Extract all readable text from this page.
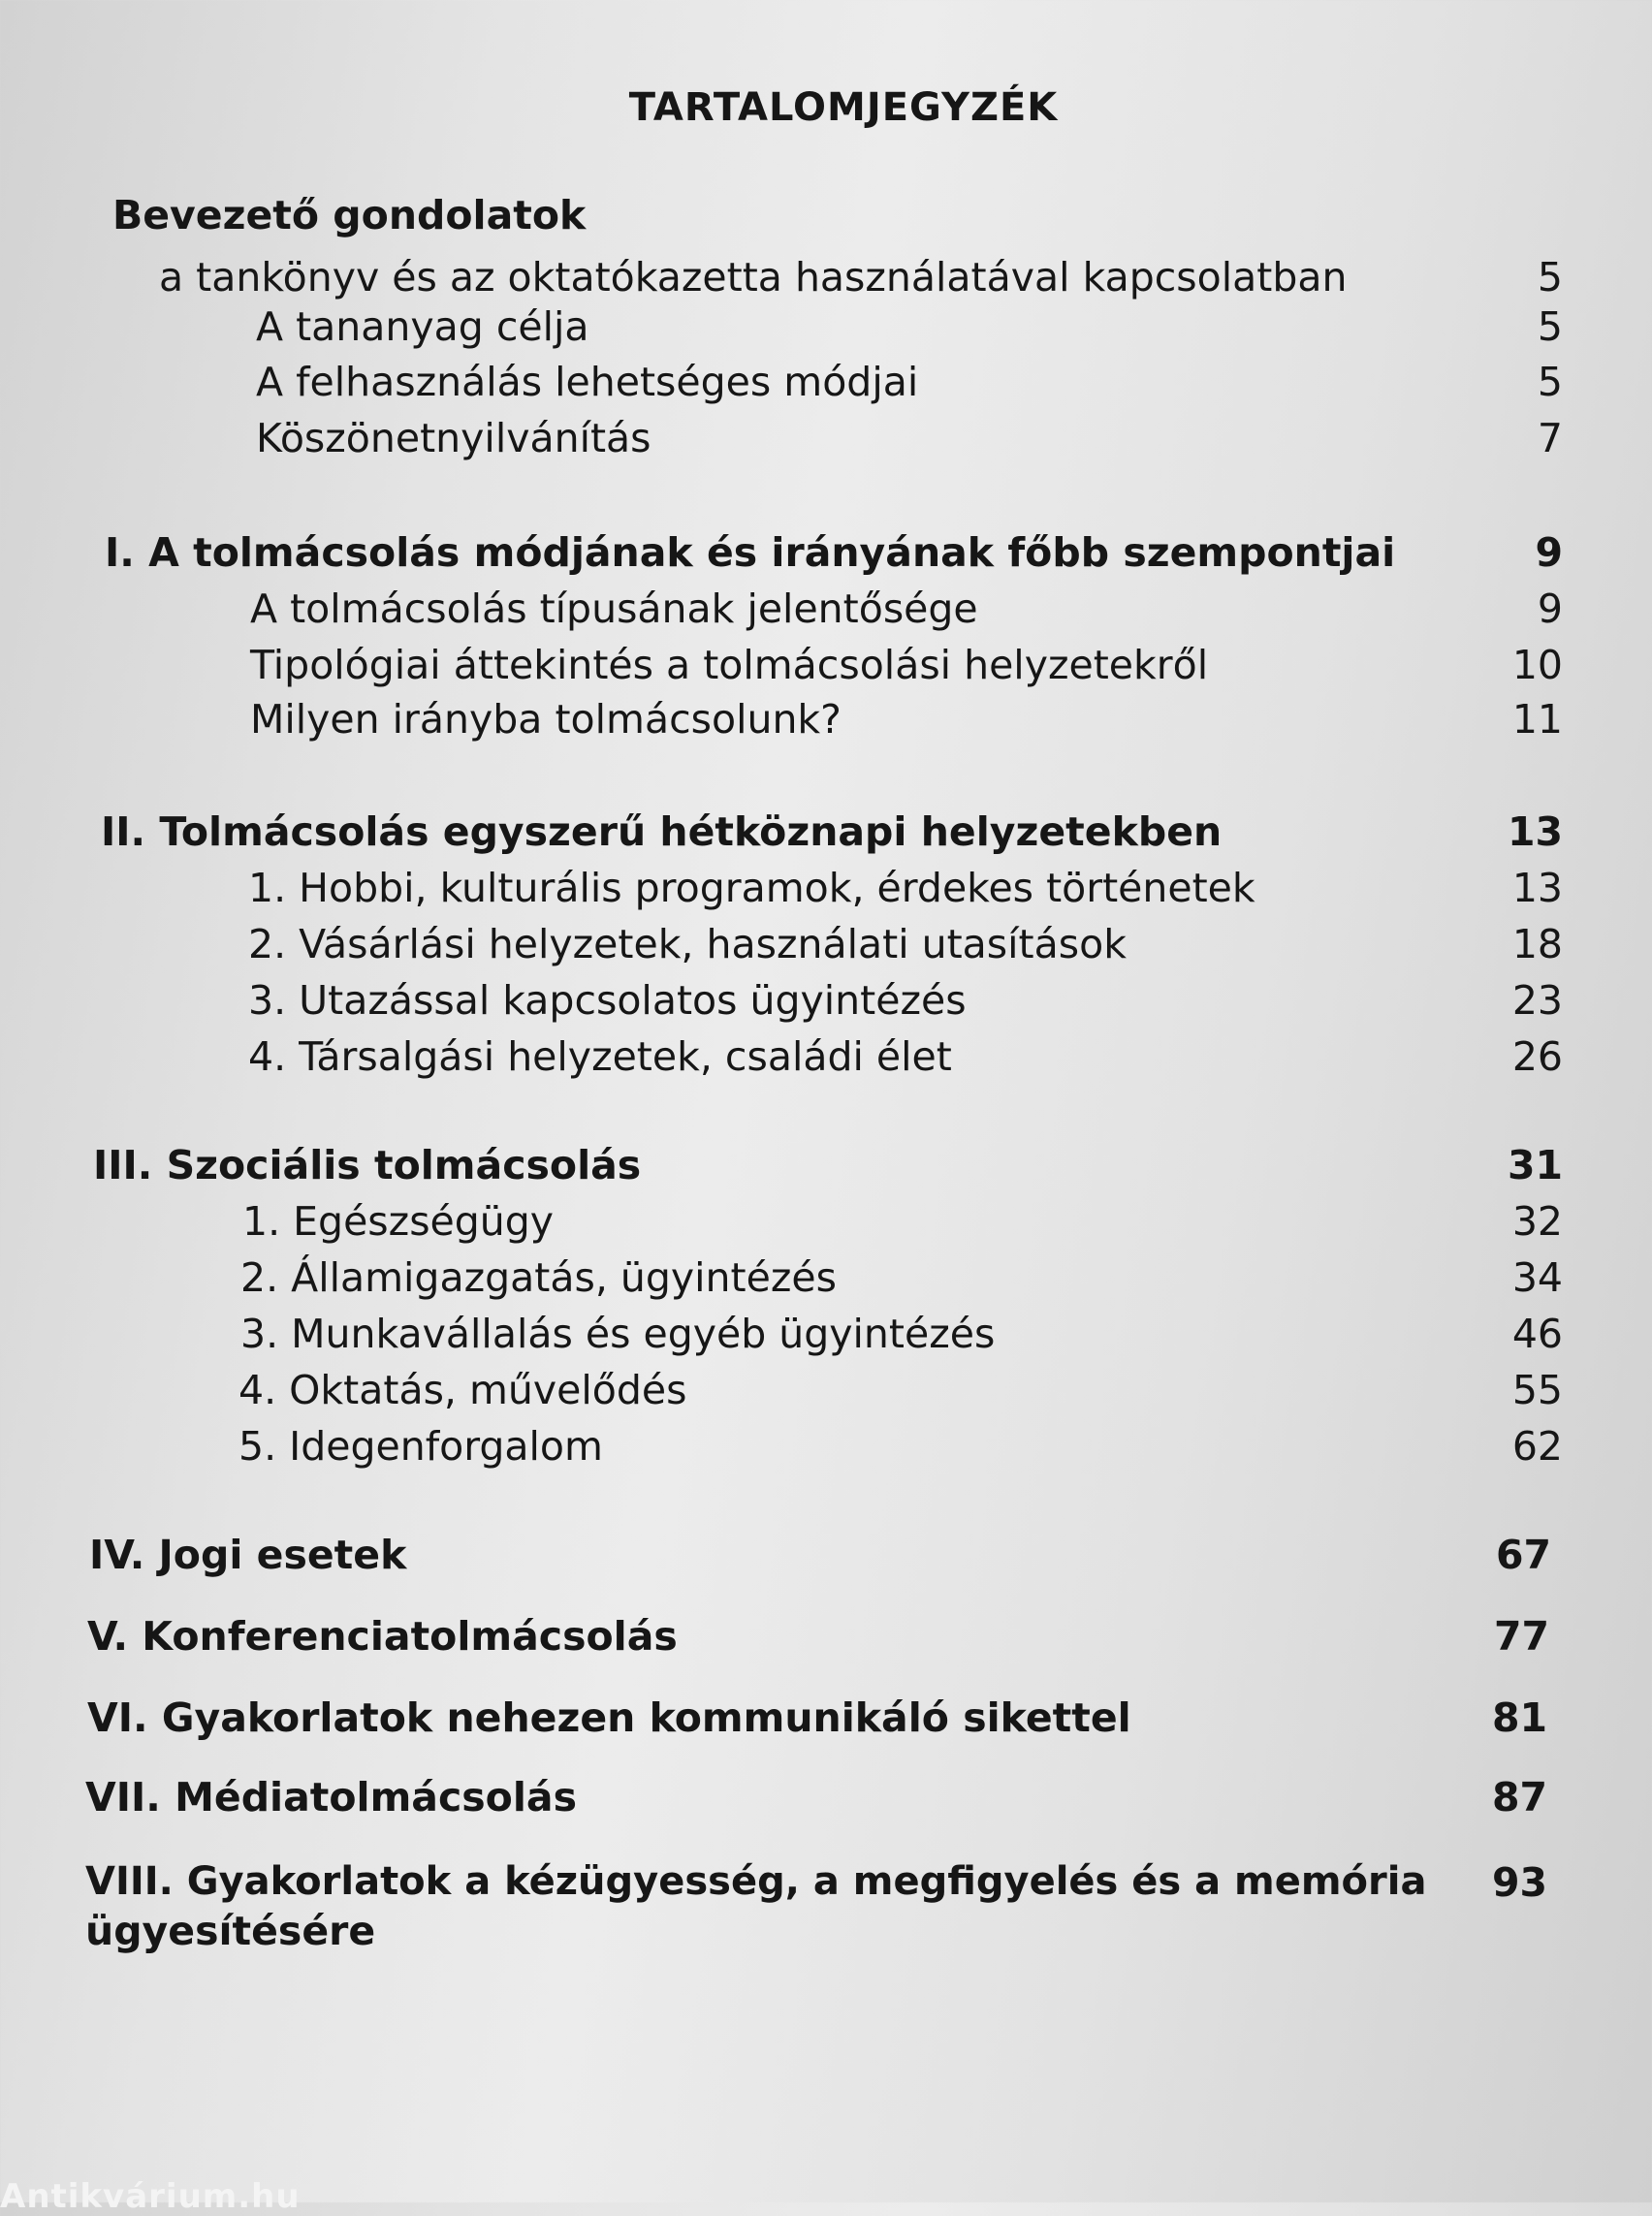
TARTALOMJEGYZÉK
Bevezető gondolatok
a tankönyv és az oktatókazetta használatával kapcsolatban	5
A tananyag célja	5
A felhasználás lehetséges módjai	5
Köszönetnyilvánítás	7
I. A tolmácsolás módjának és irányának főbb szempontjai	9
A tolmácsolás típusának jelentősége	9
Tipológiai áttekintés a tolmácsolási helyzetekről	10
Milyen irányba tolmácsolunk?	11
II. Tolmácsolás egyszerű hétköznapi helyzetekben	13
1. Hobbi, kulturális programok, érdekes történetek	13
2. Vásárlási helyzetek, használati utasítások	18
3. Utazással kapcsolatos ügyintézés	23
4. Társalgási helyzetek, családi élet	26
III. Szociális tolmácsolás	31
1. Egészségügy	32
2. Államigazgatás, ügyintézés	34
3. Munkavállalás és egyéb ügyintézés	46
4. Oktatás, művelődés	55
5. Idegenforgalom	62
IV. Jogi esetek	67
V. Konferenciatolmácsolás	77
VI. Gyakorlatok nehezen kommunikáló sikettel	81
VII. Médiatolmácsolás	87
VIII. Gyakorlatok a kézügyesség, a megfigyelés és a memória 93
ügyesítésére
Antikvárium.hu
